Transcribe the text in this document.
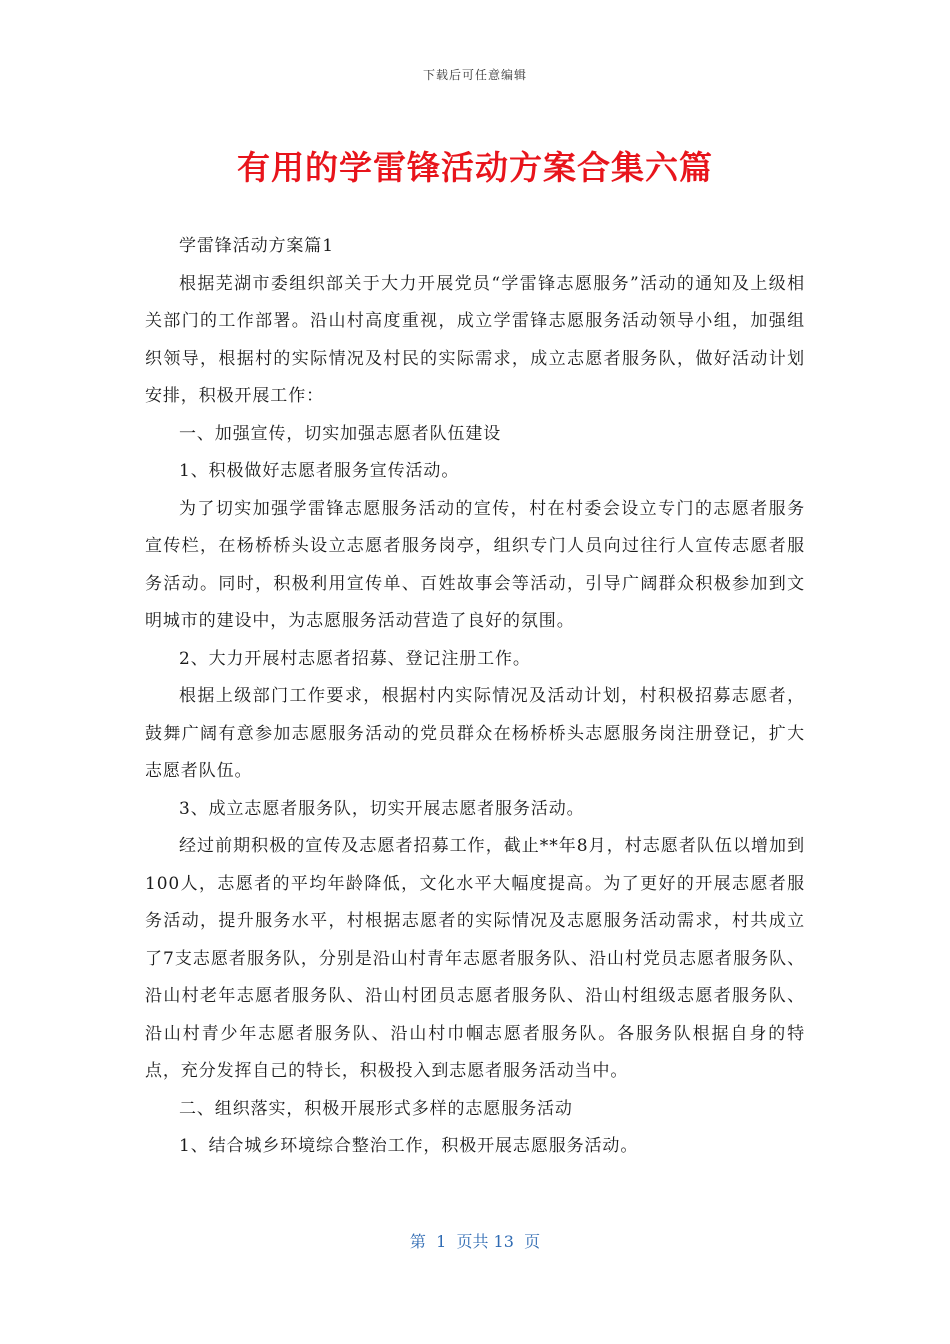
下载后可任意编辑
有用的学雷锋活动方案合集六篇

学雷锋活动方案篇1

根据芜湖市委组织部关于大力开展党员“学雷锋志愿服务”活动的通知及上级相关部门的工作部署。沿山村高度重视，成立学雷锋志愿服务活动领导小组，加强组织领导，根据村的实际情况及村民的实际需求，成立志愿者服务队，做好活动计划安排，积极开展工作：

一、加强宣传，切实加强志愿者队伍建设

1、积极做好志愿者服务宣传活动。

为了切实加强学雷锋志愿服务活动的宣传，村在村委会设立专门的志愿者服务宣传栏，在杨桥桥头设立志愿者服务岗亭，组织专门人员向过往行人宣传志愿者服务活动。同时，积极利用宣传单、百姓故事会等活动，引导广阔群众积极参加到文明城市的建设中，为志愿服务活动营造了良好的氛围。

2、大力开展村志愿者招募、登记注册工作。

根据上级部门工作要求，根据村内实际情况及活动计划，村积极招募志愿者，鼓舞广阔有意参加志愿服务活动的党员群众在杨桥桥头志愿服务岗注册登记，扩大志愿者队伍。

3、成立志愿者服务队，切实开展志愿者服务活动。

经过前期积极的宣传及志愿者招募工作，截止**年8月，村志愿者队伍以增加到100人，志愿者的平均年龄降低，文化水平大幅度提高。为了更好的开展志愿者服务活动，提升服务水平，村根据志愿者的实际情况及志愿服务活动需求，村共成立了7支志愿者服务队，分别是沿山村青年志愿者服务队、沿山村党员志愿者服务队、沿山村老年志愿者服务队、沿山村团员志愿者服务队、沿山村组级志愿者服务队、沿山村青少年志愿者服务队、沿山村巾帼志愿者服务队。各服务队根据自身的特点，充分发挥自己的特长，积极投入到志愿者服务活动当中。

二、组织落实，积极开展形式多样的志愿服务活动

1、结合城乡环境综合整治工作，积极开展志愿服务活动。

第  1  页共 13  页
